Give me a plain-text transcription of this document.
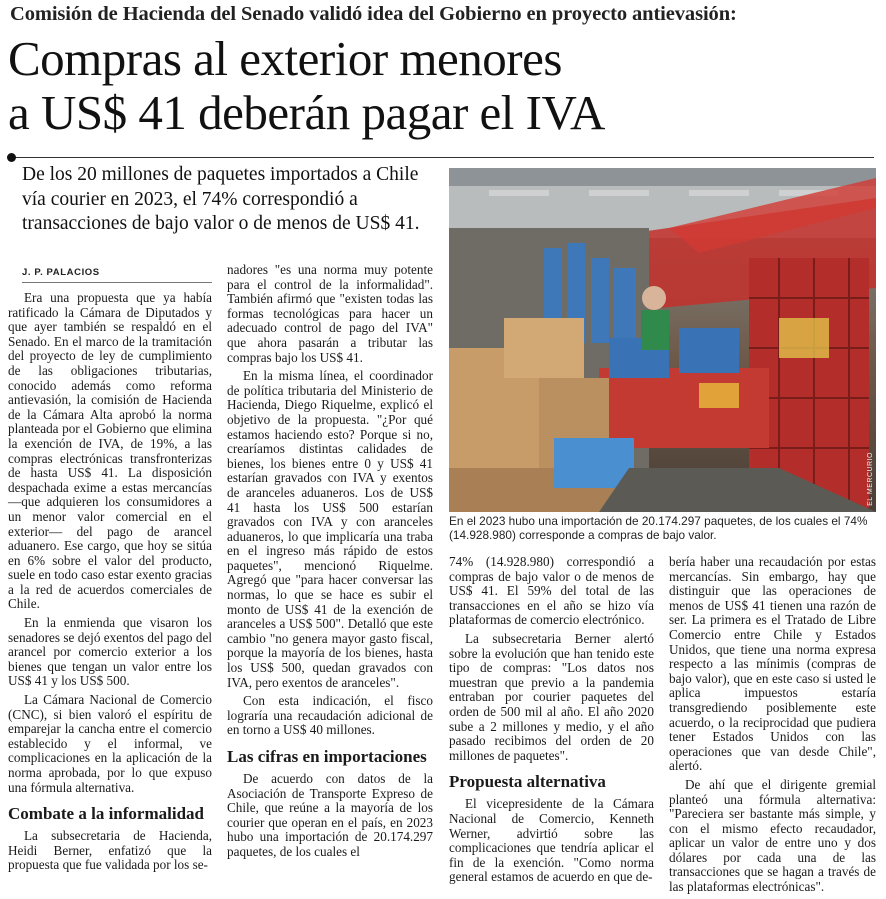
Comisión de Hacienda del Senado validó idea del Gobierno en proyecto antievasión:
Compras al exterior menores
a US$ 41 deberán pagar el IVA
De los 20 millones de paquetes importados a Chile vía courier en 2023, el 74% correspondió a transacciones de bajo valor o de menos de US$ 41.
J. P. PALACIOS
EL MERCURIO
En el 2023 hubo una importación de 20.174.297 paquetes, de los cuales el 74% (14.928.980) corresponde a compras de bajo valor.

Era una propuesta que ya había ratificado la Cámara de Diputados y que ayer también se respaldó en el Senado. En el marco de la tramitación del proyecto de ley de cumplimiento de las obligaciones tributarias, conocido además como reforma antievasión, la comisión de Hacienda de la Cámara Alta aprobó la norma planteada por el Gobierno que elimina la exención de IVA, de 19%, a las compras electrónicas transfronterizas de hasta US$ 41. La disposición despachada exime a estas mercancías —que adquieren los consumidores a un menor valor comercial en el exterior— del pago de arancel aduanero. Ese cargo, que hoy se sitúa en 6% sobre el valor del producto, suele en todo caso estar exento gracias a la red de acuerdos comerciales de Chile.

En la enmienda que visaron los senadores se dejó exentos del pago del arancel por comercio exterior a los bienes que tengan un valor entre los US$ 41 y los US$ 500.

La Cámara Nacional de Comercio (CNC), si bien valoró el espíritu de emparejar la cancha entre el comercio establecido y el informal, ve complicaciones en la aplicación de la norma aprobada, por lo que expuso una fórmula alternativa.

Combate a la informalidad

La subsecretaria de Hacienda, Heidi Berner, enfatizó que la propuesta que fue validada por los se-

nadores "es una norma muy potente para el control de la informalidad". También afirmó que "existen todas las formas tecnológicas para hacer un adecuado control de pago del IVA" que ahora pasarán a tributar las compras bajo los US$ 41.

En la misma línea, el coordinador de política tributaria del Ministerio de Hacienda, Diego Riquelme, explicó el objetivo de la propuesta. "¿Por qué estamos haciendo esto? Porque si no, crearíamos distintas calidades de bienes, los bienes entre 0 y US$ 41 estarían gravados con IVA y exentos de aranceles aduaneros. Los de US$ 41 hasta los US$ 500 estarían gravados con IVA y con aranceles aduaneros, lo que implicaría una traba en el ingreso más rápido de estos paquetes", mencionó Riquelme. Agregó que "para hacer conversar las normas, lo que se hace es subir el monto de US$ 41 de la exención de aranceles a US$ 500". Detalló que este cambio "no genera mayor gasto fiscal, porque la mayoría de los bienes, hasta los US$ 500, quedan gravados con IVA, pero exentos de aranceles".

Con esta indicación, el fisco lograría una recaudación adicional de en torno a US$ 40 millones.

Las cifras en importaciones

De acuerdo con datos de la Asociación de Transporte Expreso de Chile, que reúne a la mayoría de los courier que operan en el país, en 2023 hubo una importación de 20.174.297 paquetes, de los cuales el

74% (14.928.980) correspondió a compras de bajo valor o de menos de US$ 41. El 59% del total de las transacciones en el año se hizo vía plataformas de comercio electrónico.

La subsecretaria Berner alertó sobre la evolución que han tenido este tipo de compras: "Los datos nos muestran que previo a la pandemia entraban por courier paquetes del orden de 500 mil al año. El año 2020 sube a 2 millones y medio, y el año pasado recibimos del orden de 20 millones de paquetes".

Propuesta alternativa

El vicepresidente de la Cámara Nacional de Comercio, Kenneth Werner, advirtió sobre las complicaciones que tendría aplicar el fin de la exención. "Como norma general estamos de acuerdo en que de-

bería haber una recaudación por estas mercancías. Sin embargo, hay que distinguir que las operaciones de menos de US$ 41 tienen una razón de ser. La primera es el Tratado de Libre Comercio entre Chile y Estados Unidos, que tiene una norma expresa respecto a las mínimis (compras de bajo valor), que en este caso si usted le aplica impuestos estaría transgrediendo posiblemente este acuerdo, o la reciprocidad que pudiera tener Estados Unidos con las operaciones que van desde Chile", alertó.

De ahí que el dirigente gremial planteó una fórmula alternativa: "Pareciera ser bastante más simple, y con el mismo efecto recaudador, aplicar un valor de entre uno y dos dólares por cada una de las transacciones que se hagan a través de las plataformas electrónicas".
